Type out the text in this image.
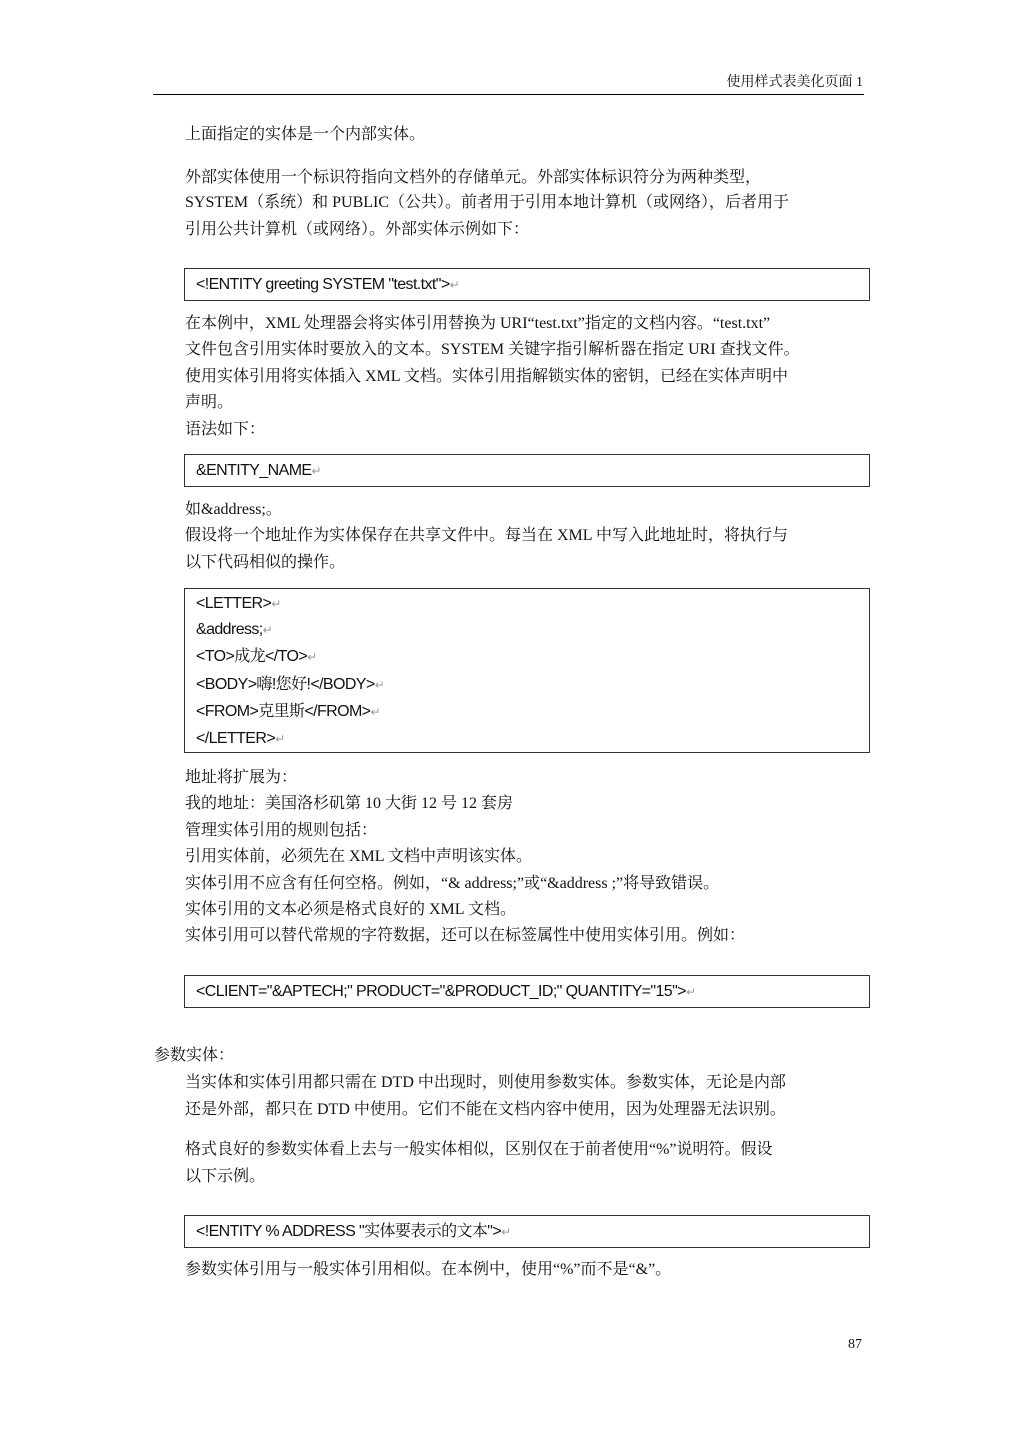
使用样式表美化页面 1
上面指定的实体是一个内部实体。
外部实体使用一个标识符指向文档外的存储单元。外部实体标识符分为两种类型，
SYSTEM（系统）和 PUBLIC（公共）。前者用于引用本地计算机（或网络），后者用于
引用公共计算机（或网络）。外部实体示例如下：
<!ENTITY greeting SYSTEM "test.txt">↵
在本例中，XML 处理器会将实体引用替换为 URI“test.txt”指定的文档内容。“test.txt”
文件包含引用实体时要放入的文本。SYSTEM 关键字指引解析器在指定 URI 查找文件。
使用实体引用将实体插入 XML 文档。实体引用指解锁实体的密钥，已经在实体声明中
声明。
语法如下：
&ENTITY_NAME↵
如&address;。
假设将一个地址作为实体保存在共享文件中。每当在 XML 中写入此地址时，将执行与
以下代码相似的操作。

<LETTER>↵

&address;↵

<TO>成龙</TO>↵

<BODY>嗨!您好!</BODY>↵

<FROM>克里斯</FROM>↵

</LETTER>↵

地址将扩展为：
我的地址：美国洛杉矶第 10 大街 12 号 12 套房
管理实体引用的规则包括：
引用实体前，必须先在 XML 文档中声明该实体。
实体引用不应含有任何空格。例如，“& address;”或“&address ;”将导致错误。
实体引用的文本必须是格式良好的 XML 文档。
实体引用可以替代常规的字符数据，还可以在标签属性中使用实体引用。例如：
<CLIENT="&APTECH;" PRODUCT="&PRODUCT_ID;" QUANTITY="15">↵
参数实体：
当实体和实体引用都只需在 DTD 中出现时，则使用参数实体。参数实体，无论是内部
还是外部，都只在 DTD 中使用。它们不能在文档内容中使用，因为处理器无法识别。
格式良好的参数实体看上去与一般实体相似，区别仅在于前者使用“%”说明符。假设
以下示例。
<!ENTITY % ADDRESS "实体要表示的文本">↵
参数实体引用与一般实体引用相似。在本例中，使用“%”而不是“&”。
87
